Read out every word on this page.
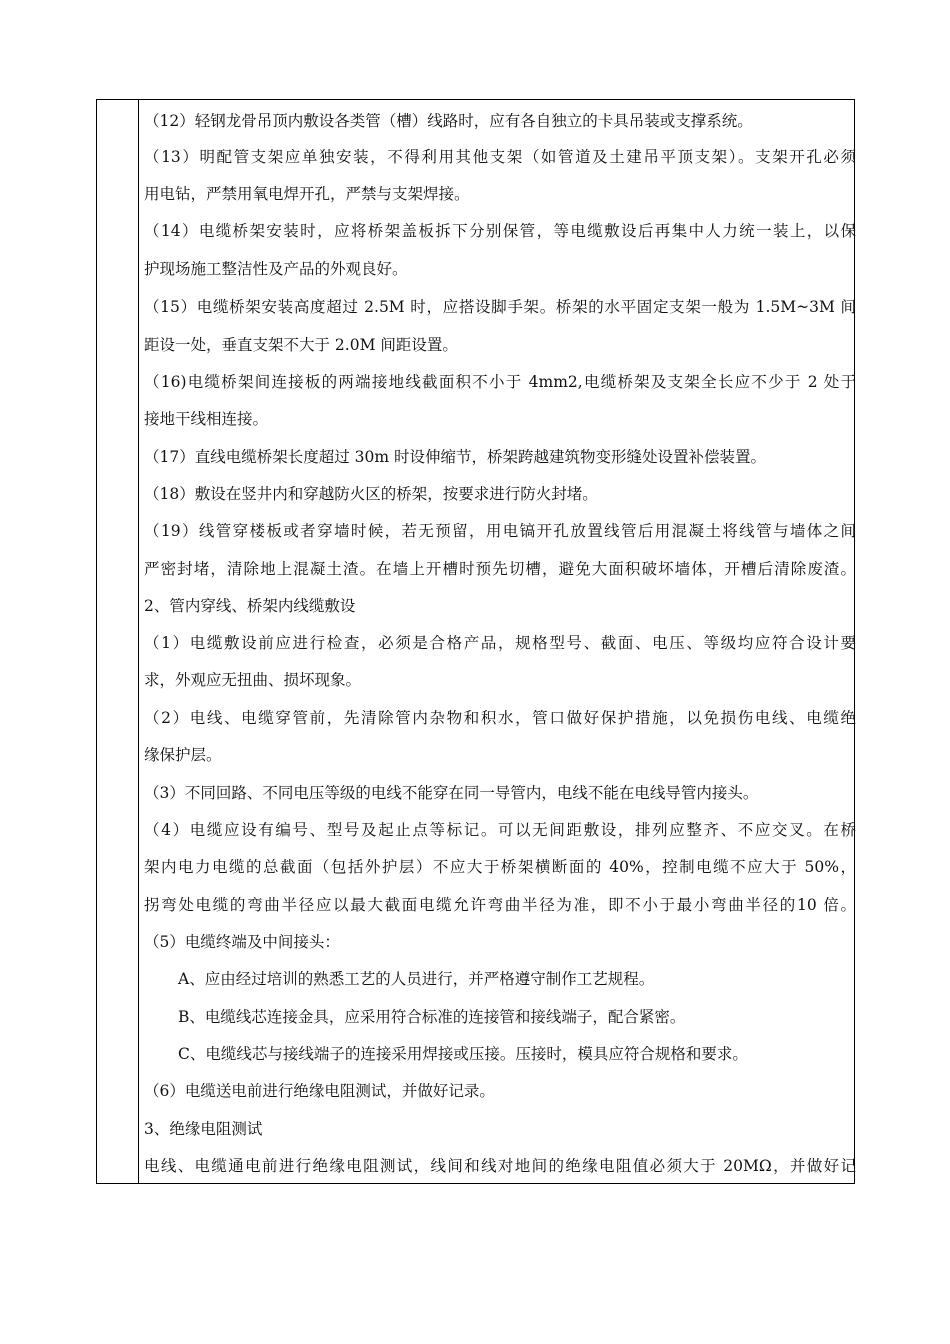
（12）轻钢龙骨吊顶内敷设各类管（槽）线路时，应有各自独立的卡具吊装或支撑系统。
（13）明配管支架应单独安装，不得利用其他支架（如管道及土建吊平顶支架）。支架开孔必须
用电钻，严禁用氧电焊开孔，严禁与支架焊接。
（14）电缆桥架安装时，应将桥架盖板拆下分别保管，等电缆敷设后再集中人力统一装上，以保
护现场施工整洁性及产品的外观良好。
（15）电缆桥架安装高度超过 2.5M 时，应搭设脚手架。桥架的水平固定支架一般为 1.5M~3M 间
距设一处，垂直支架不大于 2.0M 间距设置。
（16)电缆桥架间连接板的两端接地线截面积不小于 4mm2,电缆桥架及支架全长应不少于 2 处于
接地干线相连接。
（17）直线电缆桥架长度超过 30m 时设伸缩节，桥架跨越建筑物变形缝处设置补偿装置。
（18）敷设在竖井内和穿越防火区的桥架，按要求进行防火封堵。
（19）线管穿楼板或者穿墙时候，若无预留，用电镐开孔放置线管后用混凝土将线管与墙体之间
严密封堵，清除地上混凝土渣。在墙上开槽时预先切槽，避免大面积破坏墙体，开槽后清除废渣。
2、管内穿线、桥架内线缆敷设
（1）电缆敷设前应进行检查，必须是合格产品，规格型号、截面、电压、等级均应符合设计要
求，外观应无扭曲、损坏现象。
（2）电线、电缆穿管前，先清除管内杂物和积水，管口做好保护措施，以免损伤电线、电缆绝
缘保护层。
（3）不同回路、不同电压等级的电线不能穿在同一导管内，电线不能在电线导管内接头。
（4）电缆应设有编号、型号及起止点等标记。可以无间距敷设，排列应整齐、不应交叉。在桥
架内电力电缆的总截面（包括外护层）不应大于桥架横断面的 40%，控制电缆不应大于 50%，
拐弯处电缆的弯曲半径应以最大截面电缆允许弯曲半径为准，即不小于最小弯曲半径的10 倍。
（5）电缆终端及中间接头：
A、应由经过培训的熟悉工艺的人员进行，并严格遵守制作工艺规程。
B、电缆线芯连接金具，应采用符合标准的连接管和接线端子，配合紧密。
C、电缆线芯与接线端子的连接采用焊接或压接。压接时，模具应符合规格和要求。
（6）电缆送电前进行绝缘电阻测试，并做好记录。
3、绝缘电阻测试
电线、电缆通电前进行绝缘电阻测试，线间和线对地间的绝缘电阻值必须大于 20MΩ，并做好记
